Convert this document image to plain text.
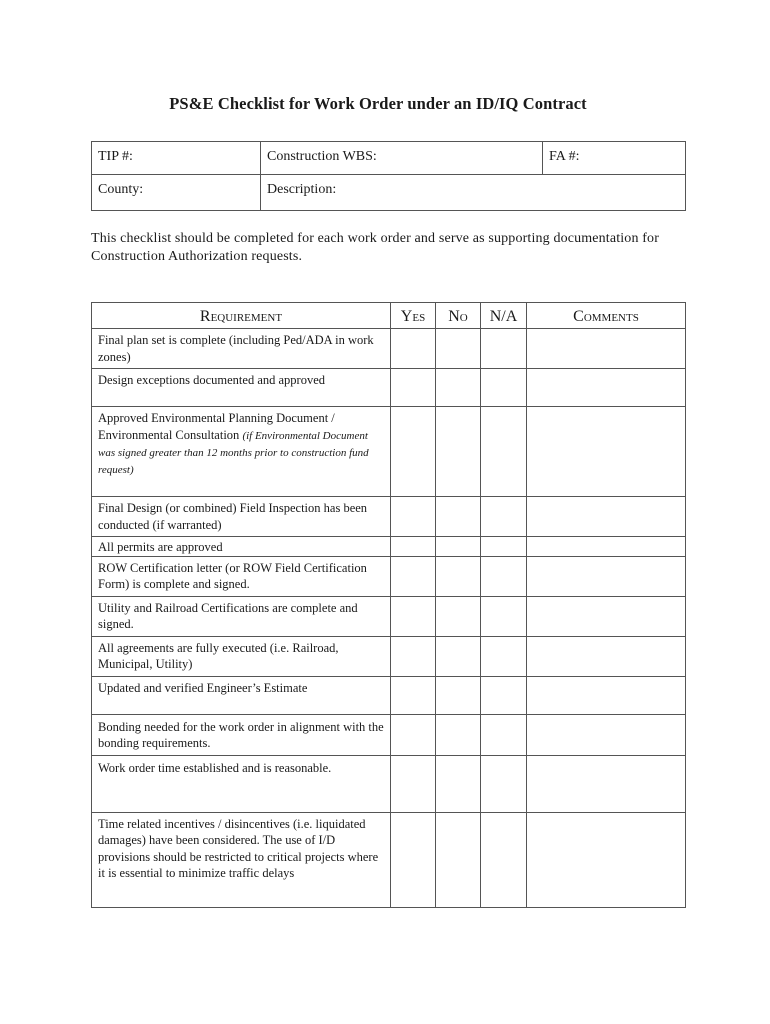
PS&E Checklist for Work Order under an ID/IQ Contract
TIP #:	Construction WBS:	FA #:
County:	Description:	
This checklist should be completed for each work order and serve as supporting documentation for Construction Authorization requests.
Requirement	Yes	No	N/A	Comments
Final plan set is complete (including Ped/ADA in work zones)				
Design exceptions documented and approved				
Approved Environmental Planning Document / Environmental Consultation (if Environmental Document was signed greater than 12 months prior to construction fund request)				
Final Design (or combined) Field Inspection has been conducted (if warranted)				
All permits are approved				
ROW Certification letter (or ROW Field Certification Form) is complete and signed.				
Utility and Railroad Certifications are complete and signed.				
All agreements are fully executed (i.e. Railroad, Municipal, Utility)				
Updated and verified Engineer’s Estimate				
Bonding needed for the work order in alignment with the bonding requirements.				
Work order time established and is reasonable.				
Time related incentives / disincentives (i.e. liquidated damages) have been considered. The use of I/D provisions should be restricted to critical projects where it is essential to minimize traffic delays				
